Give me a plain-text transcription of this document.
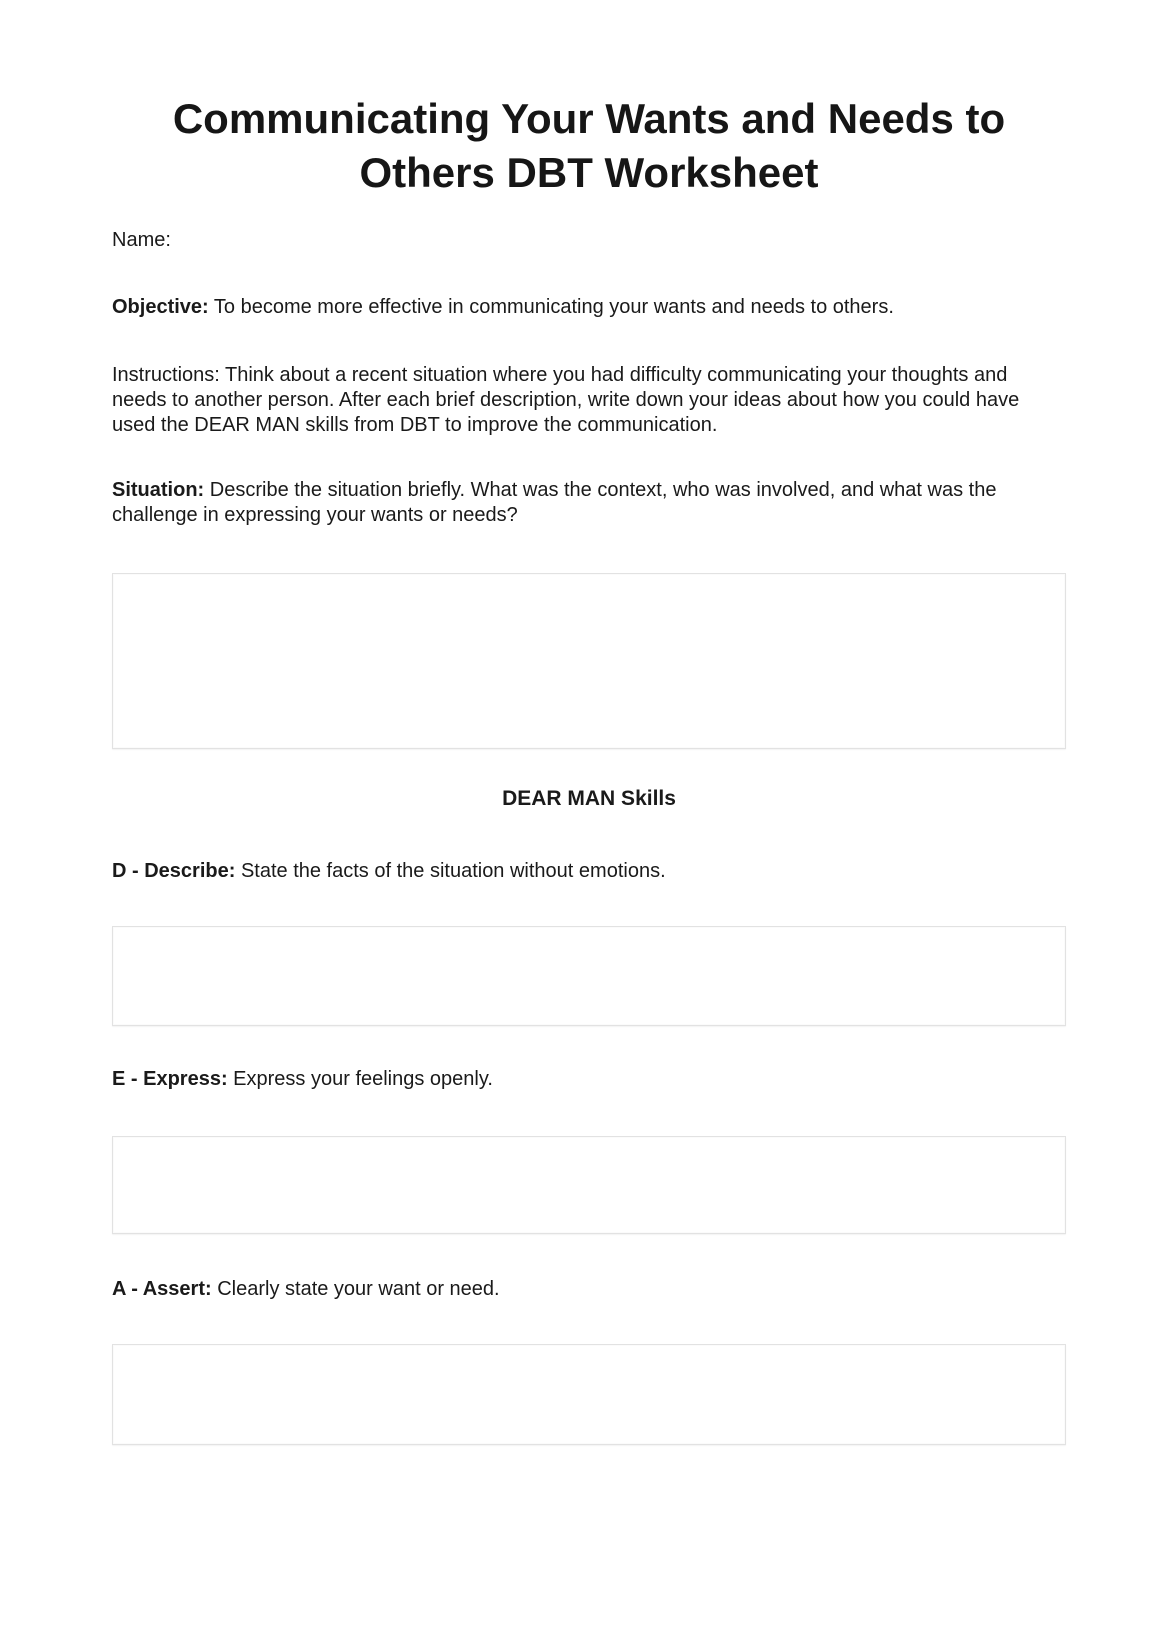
Communicating Your Wants and Needs to Others DBT Worksheet

Name:

Objective: To become more effective in communicating your wants and needs to others.

Instructions: Think about a recent situation where you had difficulty communicating your thoughts and needs to another person. After each brief description, write down your ideas about how you could have used the DEAR MAN skills from DBT to improve the communication.

Situation: Describe the situation briefly. What was the context, who was involved, and what was the challenge in expressing your wants or needs?

DEAR MAN Skills

D - Describe: State the facts of the situation without emotions.

E - Express: Express your feelings openly.

A - Assert: Clearly state your want or need.
